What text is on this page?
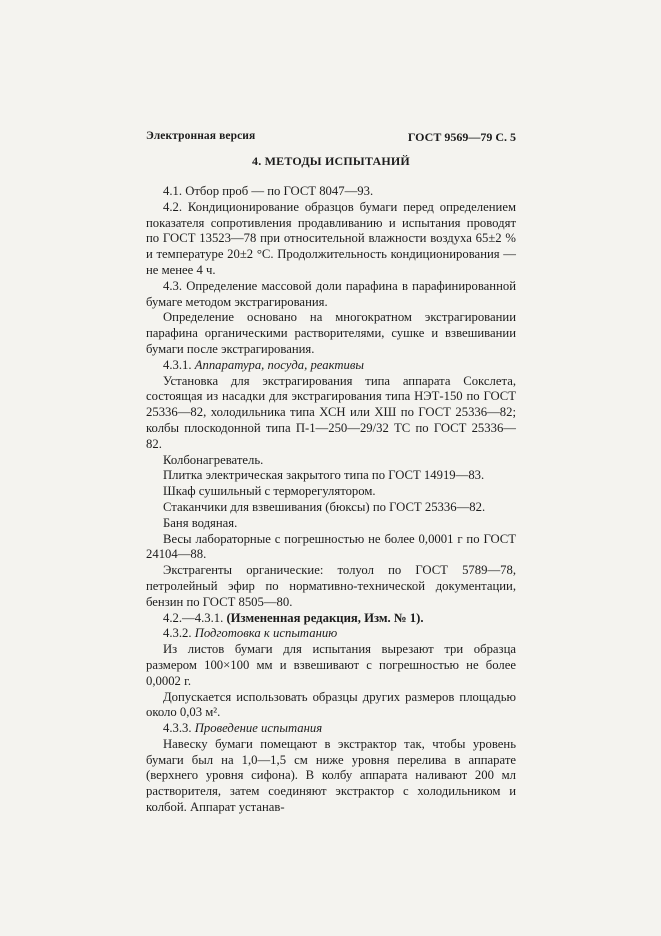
Электронная версия	ГОСТ 9569—79 С. 5
4. МЕТОДЫ ИСПЫТАНИЙ

4.1. Отбор проб — по ГОСТ 8047—93.

4.2. Кондиционирование образцов бумаги перед определением показателя сопротивления продавливанию и испытания проводят по ГОСТ 13523—78 при относительной влажности воздуха 65±2 % и температуре 20±2 °С. Продолжительность кондиционирования — не менее 4 ч.

4.3. Определение массовой доли парафина в парафинированной бумаге методом экстрагирования.

Определение основано на многократном экстрагировании парафина органическими растворителями, сушке и взвешивании бумаги после экстрагирования.

4.3.1. Аппаратура, посуда, реактивы

Установка для экстрагирования типа аппарата Сокслета, состоящая из насадки для экстрагирования типа НЭТ-150 по ГОСТ 25336—82, холодильника типа ХСН или ХШ по ГОСТ 25336—82; колбы плоскодонной типа П-1—250—29/32 ТС по ГОСТ 25336—82.

Колбонагреватель.

Плитка электрическая закрытого типа по ГОСТ 14919—83.

Шкаф сушильный с терморегулятором.

Стаканчики для взвешивания (бюксы) по ГОСТ 25336—82.

Баня водяная.

Весы лабораторные с погрешностью не более 0,0001 г по ГОСТ 24104—88.

Экстрагенты органические: толуол по ГОСТ 5789—78, петролейный эфир по нормативно-технической документации, бензин по ГОСТ 8505—80.

4.2.—4.3.1. (Измененная редакция, Изм. № 1).

4.3.2. Подготовка к испытанию

Из листов бумаги для испытания вырезают три образца размером 100×100 мм и взвешивают с погрешностью не более 0,0002 г.

Допускается использовать образцы других размеров площадью около 0,03 м².

4.3.3. Проведение испытания

Навеску бумаги помещают в экстрактор так, чтобы уровень бумаги был на 1,0—1,5 см ниже уровня перелива в аппарате (верхнего уровня сифона). В колбу аппарата наливают 200 мл растворителя, затем соединяют экстрактор с холодильником и колбой. Аппарат устанав-
